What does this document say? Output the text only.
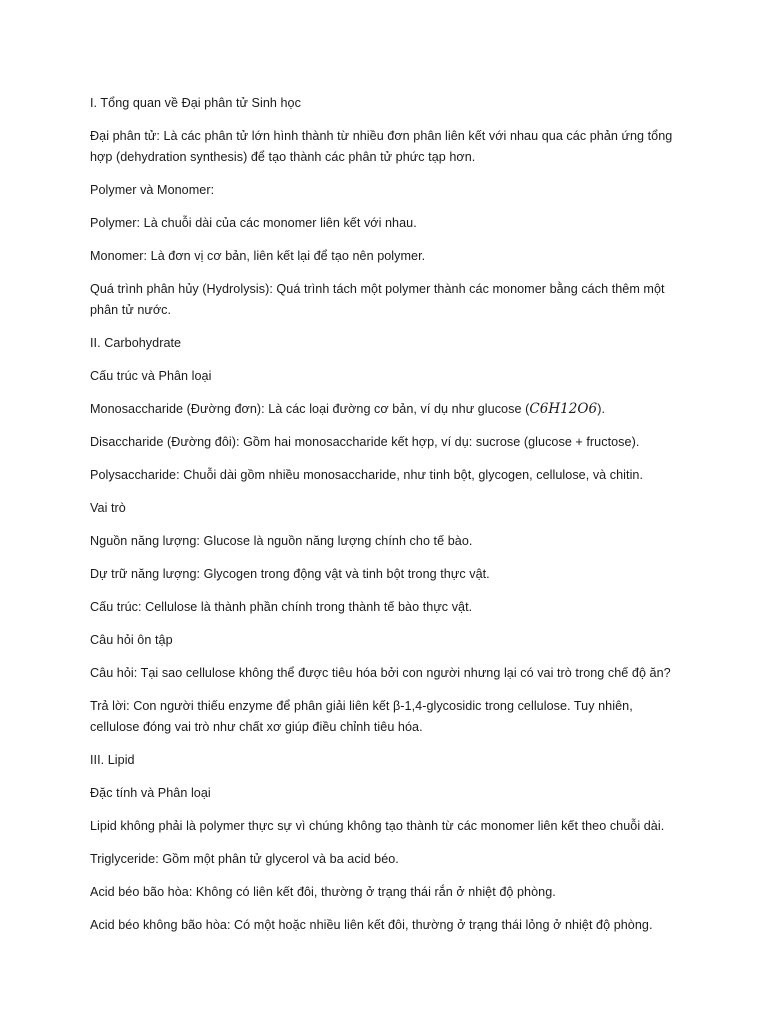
I. Tổng quan về Đại phân tử Sinh học

Đại phân tử: Là các phân tử lớn hình thành từ nhiều đơn phân liên kết với nhau qua các phản ứng tổng hợp (dehydration synthesis) để tạo thành các phân tử phức tạp hơn.

Polymer và Monomer:

Polymer: Là chuỗi dài của các monomer liên kết với nhau.

Monomer: Là đơn vị cơ bản, liên kết lại để tạo nên polymer.

Quá trình phân hủy (Hydrolysis): Quá trình tách một polymer thành các monomer bằng cách thêm một phân tử nước.

II. Carbohydrate

Cấu trúc và Phân loại

Monosaccharide (Đường đơn): Là các loại đường cơ bản, ví dụ như glucose (C6H12O6).

Disaccharide (Đường đôi): Gồm hai monosaccharide kết hợp, ví dụ: sucrose (glucose + fructose).

Polysaccharide: Chuỗi dài gồm nhiều monosaccharide, như tinh bột, glycogen, cellulose, và chitin.

Vai trò

Nguồn năng lượng: Glucose là nguồn năng lượng chính cho tế bào.

Dự trữ năng lượng: Glycogen trong động vật và tinh bột trong thực vật.

Cấu trúc: Cellulose là thành phần chính trong thành tế bào thực vật.

Câu hỏi ôn tập

Câu hỏi: Tại sao cellulose không thể được tiêu hóa bởi con người nhưng lại có vai trò trong chế độ ăn?

Trả lời: Con người thiếu enzyme để phân giải liên kết β-1,4-glycosidic trong cellulose. Tuy nhiên, cellulose đóng vai trò như chất xơ giúp điều chỉnh tiêu hóa.

III. Lipid

Đặc tính và Phân loại

Lipid không phải là polymer thực sự vì chúng không tạo thành từ các monomer liên kết theo chuỗi dài.

Triglyceride: Gồm một phân tử glycerol và ba acid béo.

Acid béo bão hòa: Không có liên kết đôi, thường ở trạng thái rắn ở nhiệt độ phòng.

Acid béo không bão hòa: Có một hoặc nhiều liên kết đôi, thường ở trạng thái lỏng ở nhiệt độ phòng.
